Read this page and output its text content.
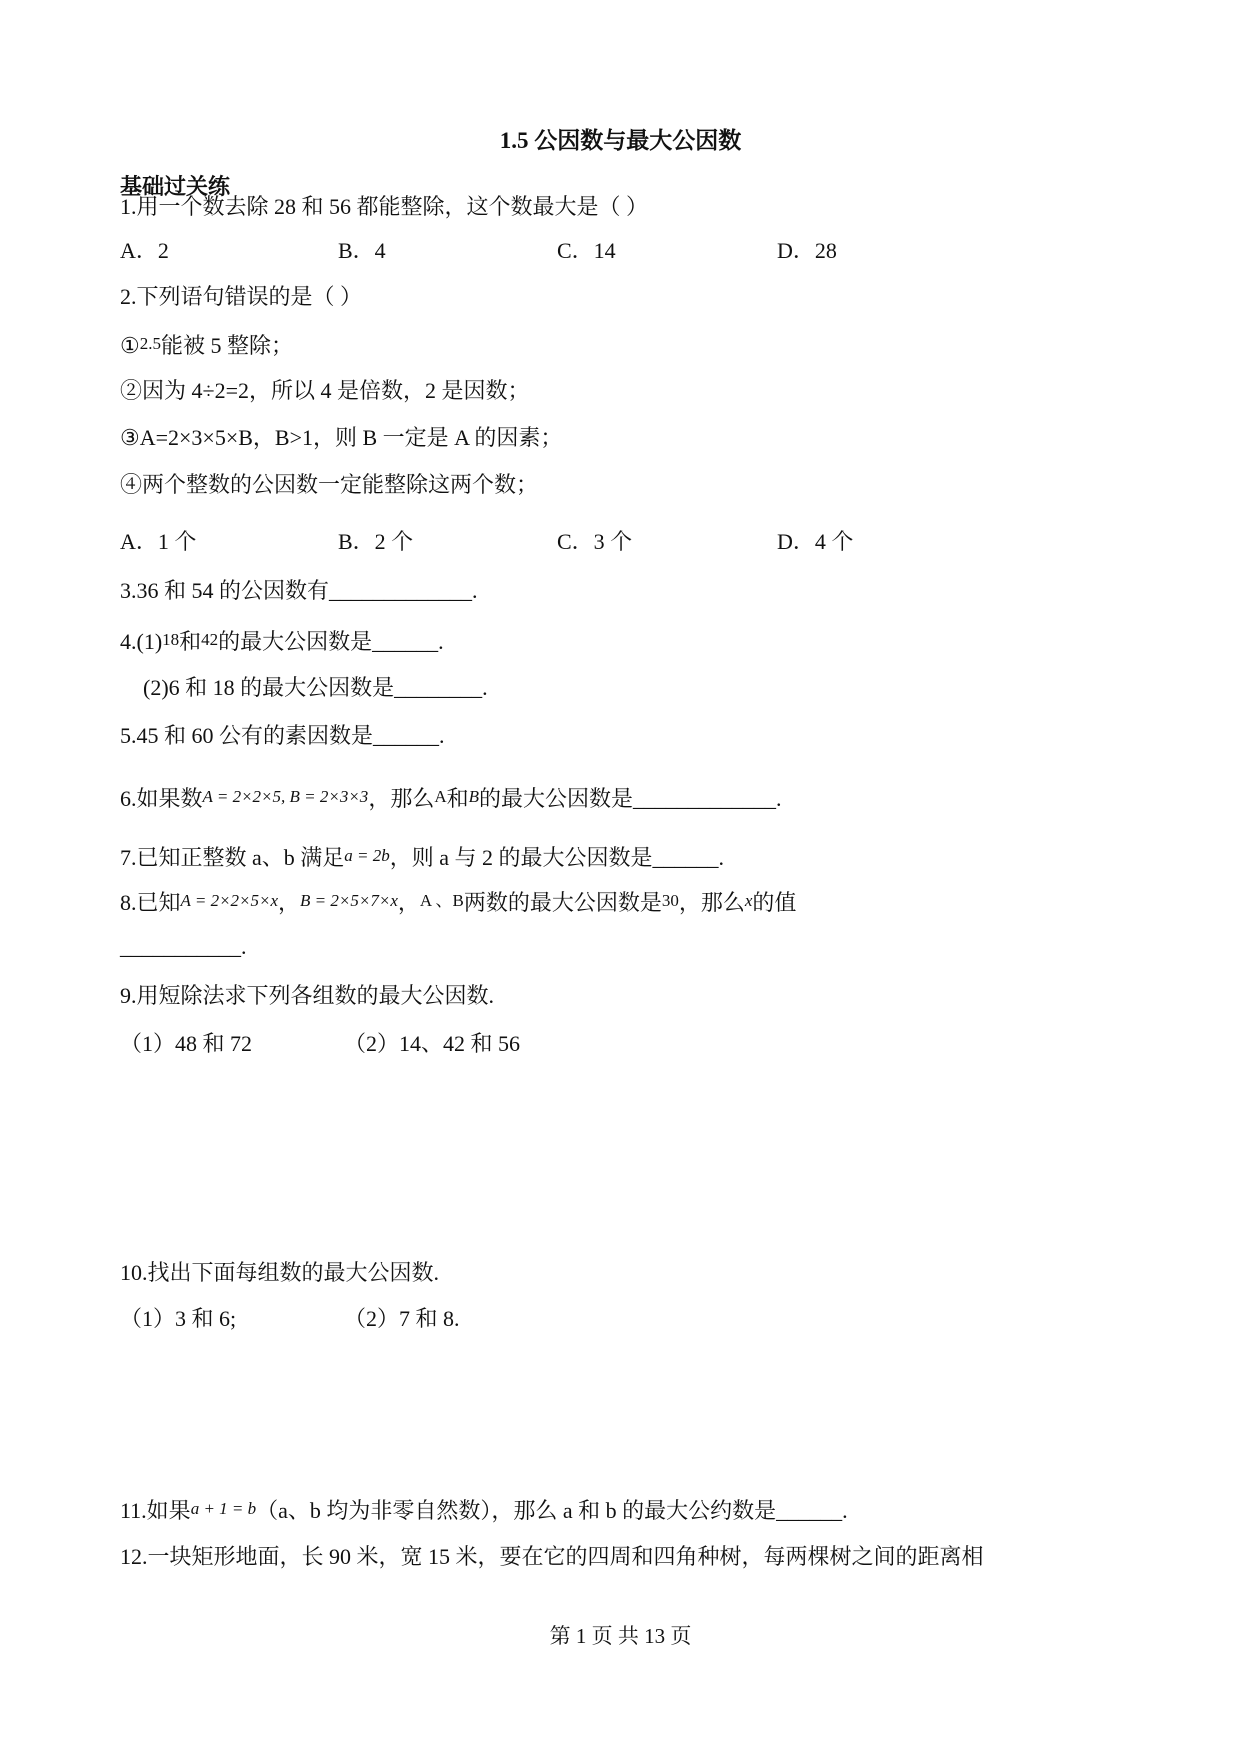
1.5 公因数与最大公因数
基础过关练
1.用一个数去除 28 和 56 都能整除，这个数最大是（ ）
A．2	B．4	C．14	D．28
2.下列语句错误的是（ ）
①2.5能被 5 整除；
②因为 4÷2=2，所以 4 是倍数，2 是因数；
③A=2×3×5×B，B>1，则 B 一定是 A 的因素；
④两个整数的公因数一定能整除这两个数；
A．1 个	B．2 个	C．3 个	D．4 个
3.36 和 54 的公因数有_____________.
4.(1)18和42的最大公因数是______.
(2)6 和 18 的最大公因数是________.
5.45 和 60 公有的素因数是______.
6.如果数A = 2×2×5, B = 2×3×3，那么A和B的最大公因数是_____________.
7.已知正整数 a、b 满足a = 2b，则 a 与 2 的最大公因数是______.
8.已知A = 2×2×5×x，B = 2×5×7×x，A 、B两数的最大公因数是30，那么x的值
___________.
9.用短除法求下列各组数的最大公因数.
（1）48 和 72	（2）14、42 和 56
10.找出下面每组数的最大公因数.
（1）3 和 6;	（2）7 和 8.
11.如果a + 1 = b（a、b 均为非零自然数），那么 a 和 b 的最大公约数是______.
12.一块矩形地面，长 90 米，宽 15 米，要在它的四周和四角种树，每两棵树之间的距离相
第 1 页 共 13 页
